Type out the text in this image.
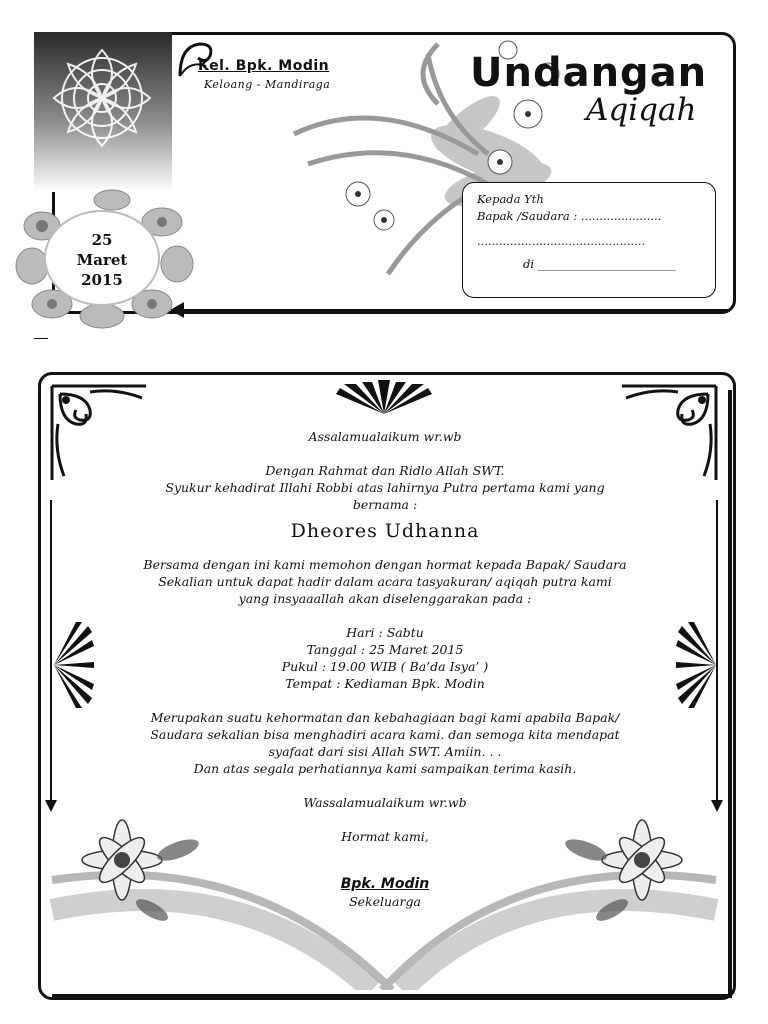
Kel. Bpk. Modin
Keloang - Mandiraga	Undangan
Aqiqah
25
Maret
2015
Kepada Yth
Bapak /Saudara : ......................
..............................................
di ________________________

Assalamualaikum wr.wb

Dengan Rahmat dan Ridlo Allah SWT.

Syukur kehadirat Illahi Robbi atas lahirnya Putra pertama kami yang

bernama :

Dheores Udhanna

Bersama dengan ini kami memohon dengan hormat kepada Bapak/ Saudara

Sekalian untuk dapat hadir dalam acara tasyakuran/ aqiqah putra kami

yang insyaaallah akan diselenggarakan pada :

Hari : Sabtu

Tanggal : 25 Maret 2015

Pukul : 19.00 WIB ( Ba’da Isya’ )

Tempat : Kediaman Bpk. Modin

Merupakan suatu kehormatan dan kebahagiaan bagi kami apabila Bapak/

Saudara sekalian bisa menghadiri acara kami. dan semoga kita mendapat

syafaat dari sisi Allah SWT. Amiin. . .

Dan atas segala perhatiannya kami sampaikan terima kasih.

Wassalamualaikum wr.wb

Hormat kami,

Bpk. Modin

Sekeluarga
